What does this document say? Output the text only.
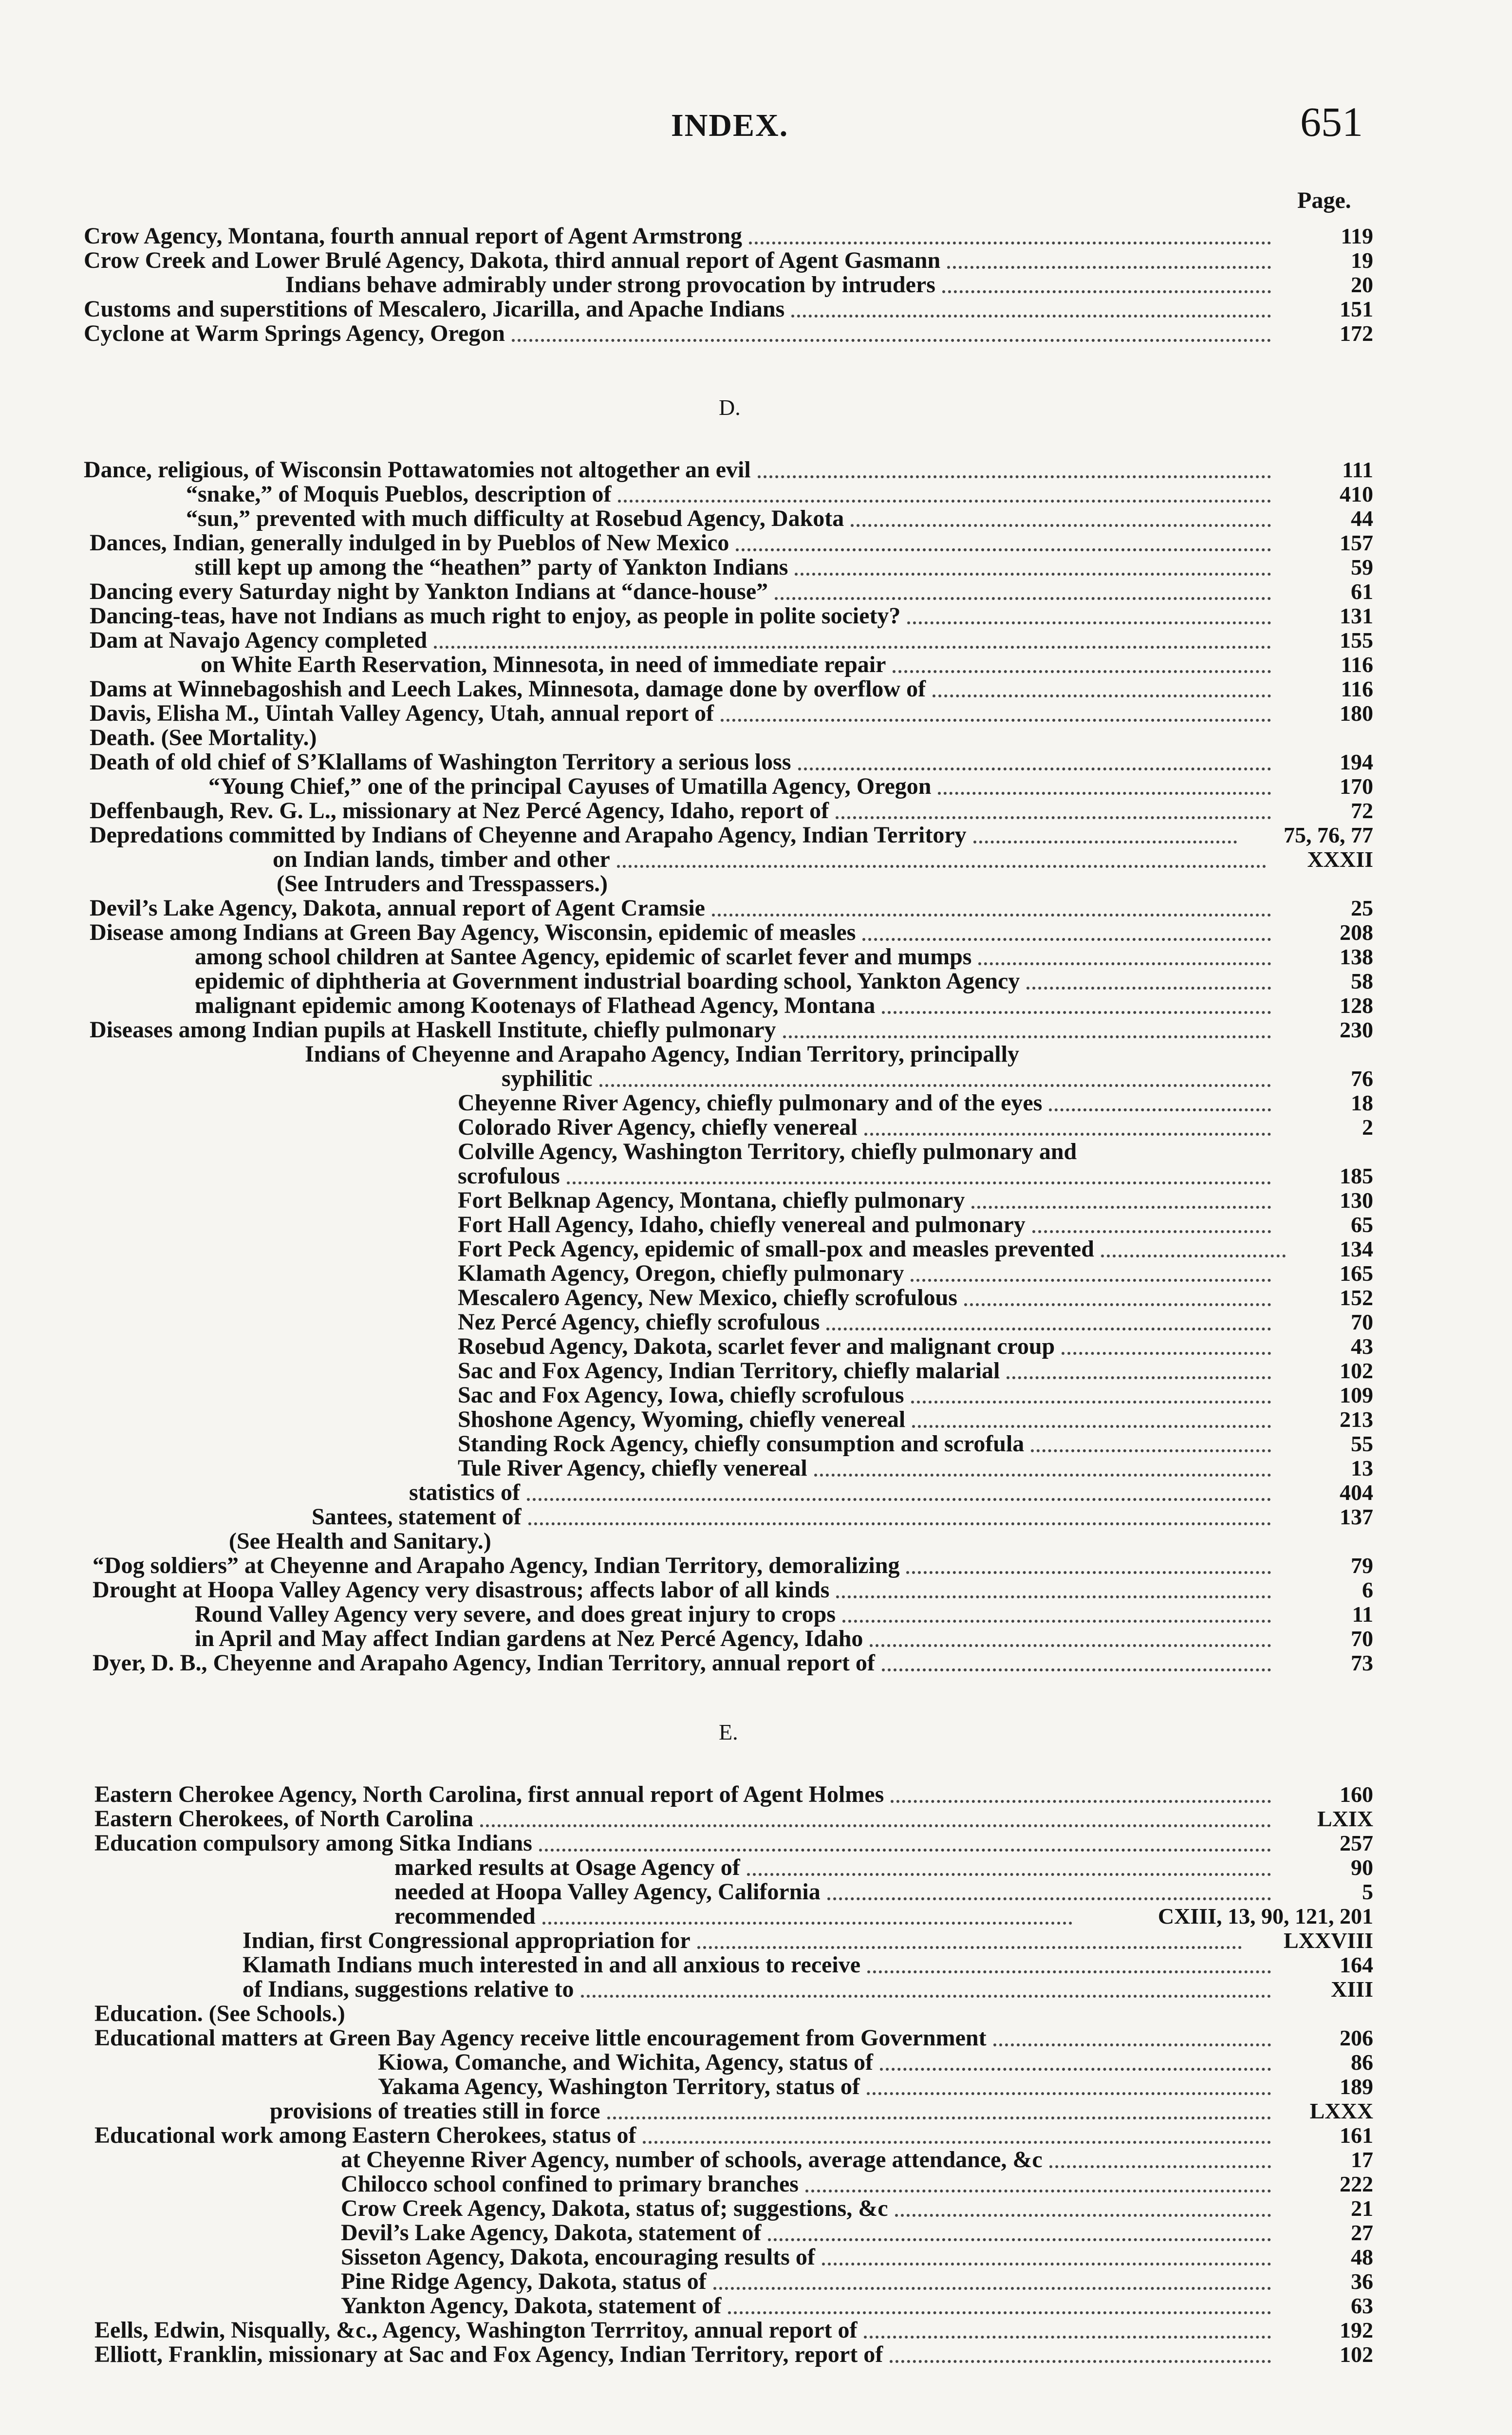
INDEX.	651
Page.
D.
E.
Crow Agency, Montana, fourth annual report of Agent Armstrong	119
Crow Creek and Lower Brulé Agency, Dakota, third annual report of Agent Gasmann	19
Indians behave admirably under strong provocation by intruders	20
Customs and superstitions of Mescalero, Jicarilla, and Apache Indians	151
Cyclone at Warm Springs Agency, Oregon	172
Dance, religious, of Wisconsin Pottawatomies not altogether an evil	111
“snake,” of Moquis Pueblos, description of	410
“sun,” prevented with much difficulty at Rosebud Agency, Dakota	44
Dances, Indian, generally indulged in by Pueblos of New Mexico	157
still kept up among the “heathen” party of Yankton Indians	59
Dancing every Saturday night by Yankton Indians at “dance-house”	61
Dancing-teas, have not Indians as much right to enjoy, as people in polite society?	131
Dam at Navajo Agency completed	155
on White Earth Reservation, Minnesota, in need of immediate repair	116
Dams at Winnebagoshish and Leech Lakes, Minnesota, damage done by overflow of	116
Davis, Elisha M., Uintah Valley Agency, Utah, annual report of	180
Death. (See Mortality.)
Death of old chief of S’Klallams of Washington Territory a serious loss	194
“Young Chief,” one of the principal Cayuses of Umatilla Agency, Oregon	170
Deffenbaugh, Rev. G. L., missionary at Nez Percé Agency, Idaho, report of	72
Depredations committed by Indians of Cheyenne and Arapaho Agency, Indian Territory	75, 76, 77
on Indian lands, timber and other	XXXII
(See Intruders and Tresspassers.)
Devil’s Lake Agency, Dakota, annual report of Agent Cramsie	25
Disease among Indians at Green Bay Agency, Wisconsin, epidemic of measles	208
among school children at Santee Agency, epidemic of scarlet fever and mumps	138
epidemic of diphtheria at Government industrial boarding school, Yankton Agency	58
malignant epidemic among Kootenays of Flathead Agency, Montana	128
Diseases among Indian pupils at Haskell Institute, chiefly pulmonary	230
Indians of Cheyenne and Arapaho Agency, Indian Territory, principally
syphilitic	76
Cheyenne River Agency, chiefly pulmonary and of the eyes	18
Colorado River Agency, chiefly venereal	2
Colville Agency, Washington Territory, chiefly pulmonary and
scrofulous	185
Fort Belknap Agency, Montana, chiefly pulmonary	130
Fort Hall Agency, Idaho, chiefly venereal and pulmonary	65
Fort Peck Agency, epidemic of small-pox and measles prevented	134
Klamath Agency, Oregon, chiefly pulmonary	165
Mescalero Agency, New Mexico, chiefly scrofulous	152
Nez Percé Agency, chiefly scrofulous	70
Rosebud Agency, Dakota, scarlet fever and malignant croup	43
Sac and Fox Agency, Indian Territory, chiefly malarial	102
Sac and Fox Agency, Iowa, chiefly scrofulous	109
Shoshone Agency, Wyoming, chiefly venereal	213
Standing Rock Agency, chiefly consumption and scrofula	55
Tule River Agency, chiefly venereal	13
statistics of	404
Santees, statement of	137
(See Health and Sanitary.)
“Dog soldiers” at Cheyenne and Arapaho Agency, Indian Territory, demoralizing	79
Drought at Hoopa Valley Agency very disastrous; affects labor of all kinds	6
Round Valley Agency very severe, and does great injury to crops	11
in April and May affect Indian gardens at Nez Percé Agency, Idaho	70
Dyer, D. B., Cheyenne and Arapaho Agency, Indian Territory, annual report of	73
Eastern Cherokee Agency, North Carolina, first annual report of Agent Holmes	160
Eastern Cherokees, of North Carolina	LXIX
Education compulsory among Sitka Indians	257
marked results at Osage Agency of	90
needed at Hoopa Valley Agency, California	5
recommended	CXIII, 13, 90, 121, 201
Indian, first Congressional appropriation for	LXXVIII
Klamath Indians much interested in and all anxious to receive	164
of Indians, suggestions relative to	XIII
Education. (See Schools.)
Educational matters at Green Bay Agency receive little encouragement from Government	206
Kiowa, Comanche, and Wichita, Agency, status of	86
Yakama Agency, Washington Territory, status of	189
provisions of treaties still in force	LXXX
Educational work among Eastern Cherokees, status of	161
at Cheyenne River Agency, number of schools, average attendance, &c	17
Chilocco school confined to primary branches	222
Crow Creek Agency, Dakota, status of; suggestions, &c	21
Devil’s Lake Agency, Dakota, statement of	27
Sisseton Agency, Dakota, encouraging results of	48
Pine Ridge Agency, Dakota, status of	36
Yankton Agency, Dakota, statement of	63
Eells, Edwin, Nisqually, &c., Agency, Washington Terrritoy, annual report of	192
Elliott, Franklin, missionary at Sac and Fox Agency, Indian Territory, report of	102
